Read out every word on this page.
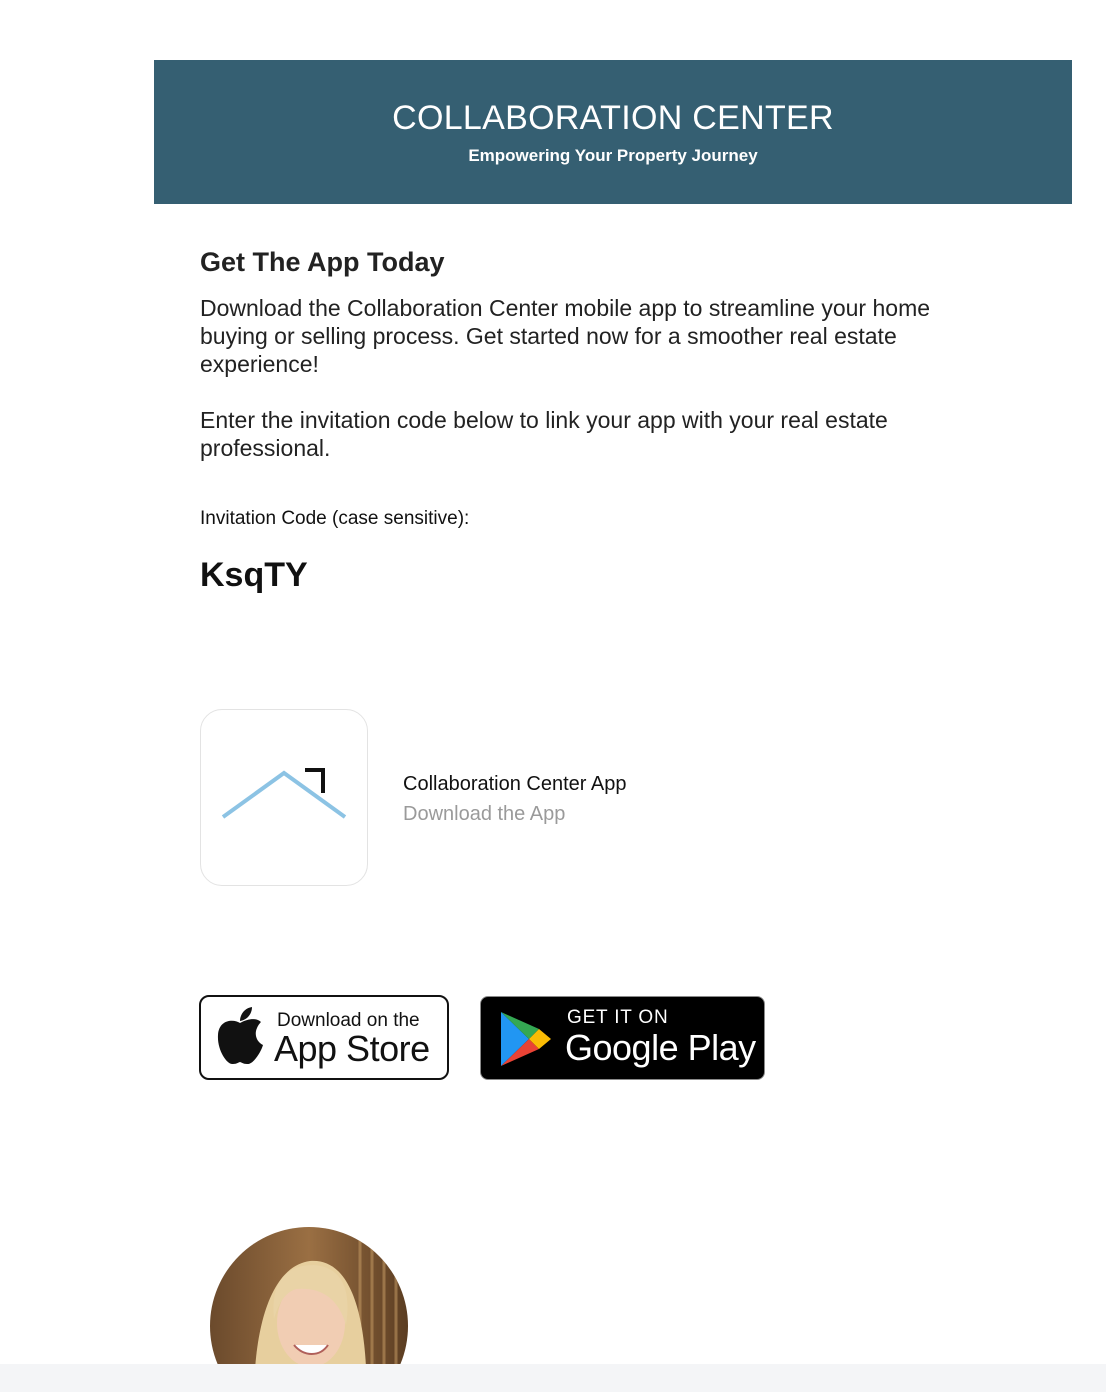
COLLABORATION CENTER
Empowering Your Property Journey
Get The App Today
Download the Collaboration Center mobile app to streamline your home buying or selling process. Get started now for a smoother real estate experience!
Enter the invitation code below to link your app with your real estate professional.
Invitation Code (case sensitive):
KsqTY
Collaboration Center App
Download the App
Download on the
App Store
GET IT ON
Google Play
